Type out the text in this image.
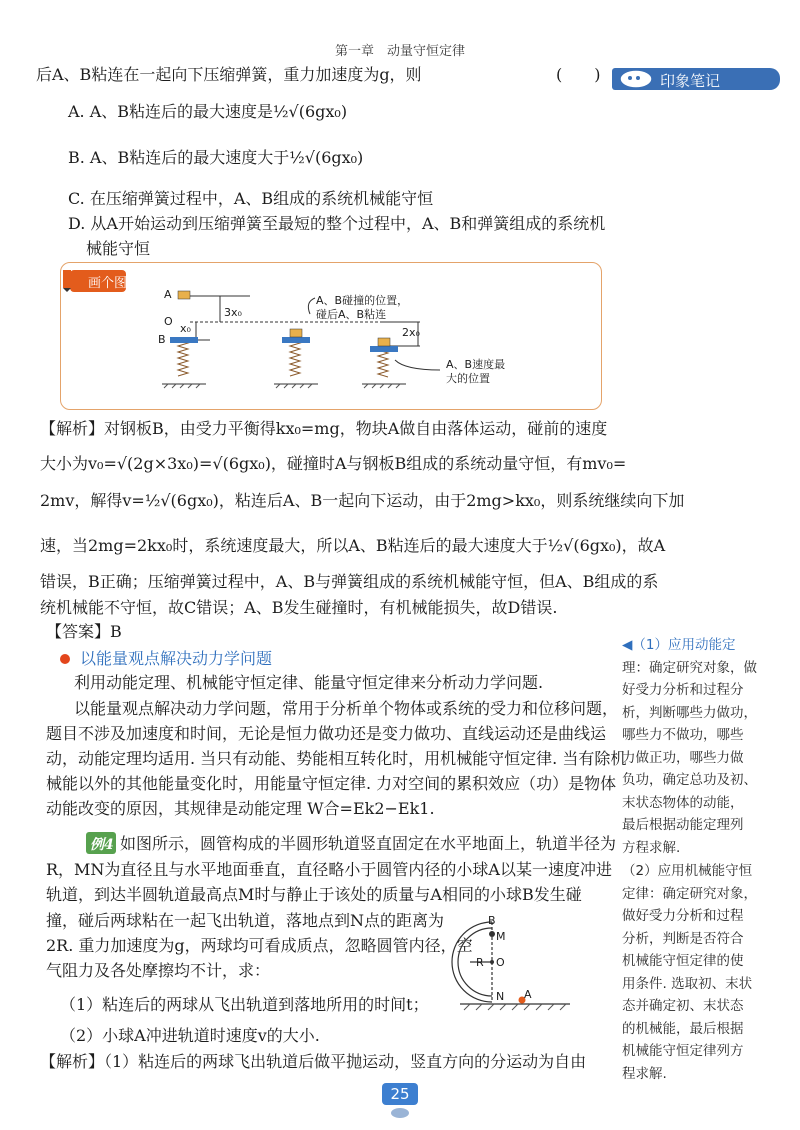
第一章　动量守恒定律
印象笔记
后A、B粘连在一起向下压缩弹簧，重力加速度为g，则	(　　)
A. A、B粘连后的最大速度是½√(6gx₀)
B. A、B粘连后的最大速度大于½√(6gx₀)
C. 在压缩弹簧过程中，A、B组成的系统机械能守恒
D. 从A开始运动到压缩弹簧至最短的整个过程中，A、B和弹簧组成的系统机
械能守恒
画个图
A
O
B
3x₀
x₀	2x₀
A、B碰撞的位置，
碰后A、B粘连
A、B速度最
大的位置
【解析】对钢板B，由受力平衡得kx₀=mg，物块A做自由落体运动，碰前的速度
大小为v₀=√(2g×3x₀)=√(6gx₀)，碰撞时A与钢板B组成的系统动量守恒，有mv₀=
2mv，解得v=½√(6gx₀)，粘连后A、B一起向下运动，由于2mg>kx₀，则系统继续向下加
速，当2mg=2kx₀时，系统速度最大，所以A、B粘连后的最大速度大于½√(6gx₀)，故A
错误，B正确；压缩弹簧过程中，A、B与弹簧组成的系统机械能守恒，但A、B组成的系
统机械能不守恒，故C错误；A、B发生碰撞时，有机械能损失，故D错误.
【答案】B
以能量观点解决动力学问题
利用动能定理、机械能守恒定律、能量守恒定律来分析动力学问题.
以能量观点解决动力学问题，常用于分析单个物体或系统的受力和位移问题，
题目不涉及加速度和时间，无论是恒力做功还是变力做功、直线运动还是曲线运
动，动能定理均适用. 当只有动能、势能相互转化时，用机械能守恒定律. 当有除机
械能以外的其他能量变化时，用能量守恒定律. 力对空间的累积效应（功）是物体
动能改变的原因，其规律是动能定理 W合=Ek2−Ek1.
例4 如图所示，圆管构成的半圆形轨道竖直固定在水平地面上，轨道半径为
R，MN为直径且与水平地面垂直，直径略小于圆管内径的小球A以某一速度冲进
轨道，到达半圆轨道最高点M时与静止于该处的质量与A相同的小球B发生碰
撞，碰后两球粘在一起飞出轨道，落地点到N点的距离为
2R. 重力加速度为g，两球均可看成质点，忽略圆管内径，空
气阻力及各处摩擦均不计，求：
（1）粘连后的两球从飞出轨道到落地所用的时间t；
（2）小球A冲进轨道时速度v的大小.
【解析】（1）粘连后的两球飞出轨道后做平抛运动，竖直方向的分运动为自由
B
M
R O
N A
◀（1）应用动能定
理：确定研究对象，做
好受力分析和过程分
析，判断哪些力做功，
哪些力不做功，哪些
力做正功，哪些力做
负功，确定总功及初、
末状态物体的动能，
最后根据动能定理列
方程求解.
（2）应用机械能守恒
定律：确定研究对象，
做好受力分析和过程
分析，判断是否符合
机械能守恒定律的使
用条件. 选取初、末状
态并确定初、末状态
的机械能，最后根据
机械能守恒定律列方
程求解.
25
